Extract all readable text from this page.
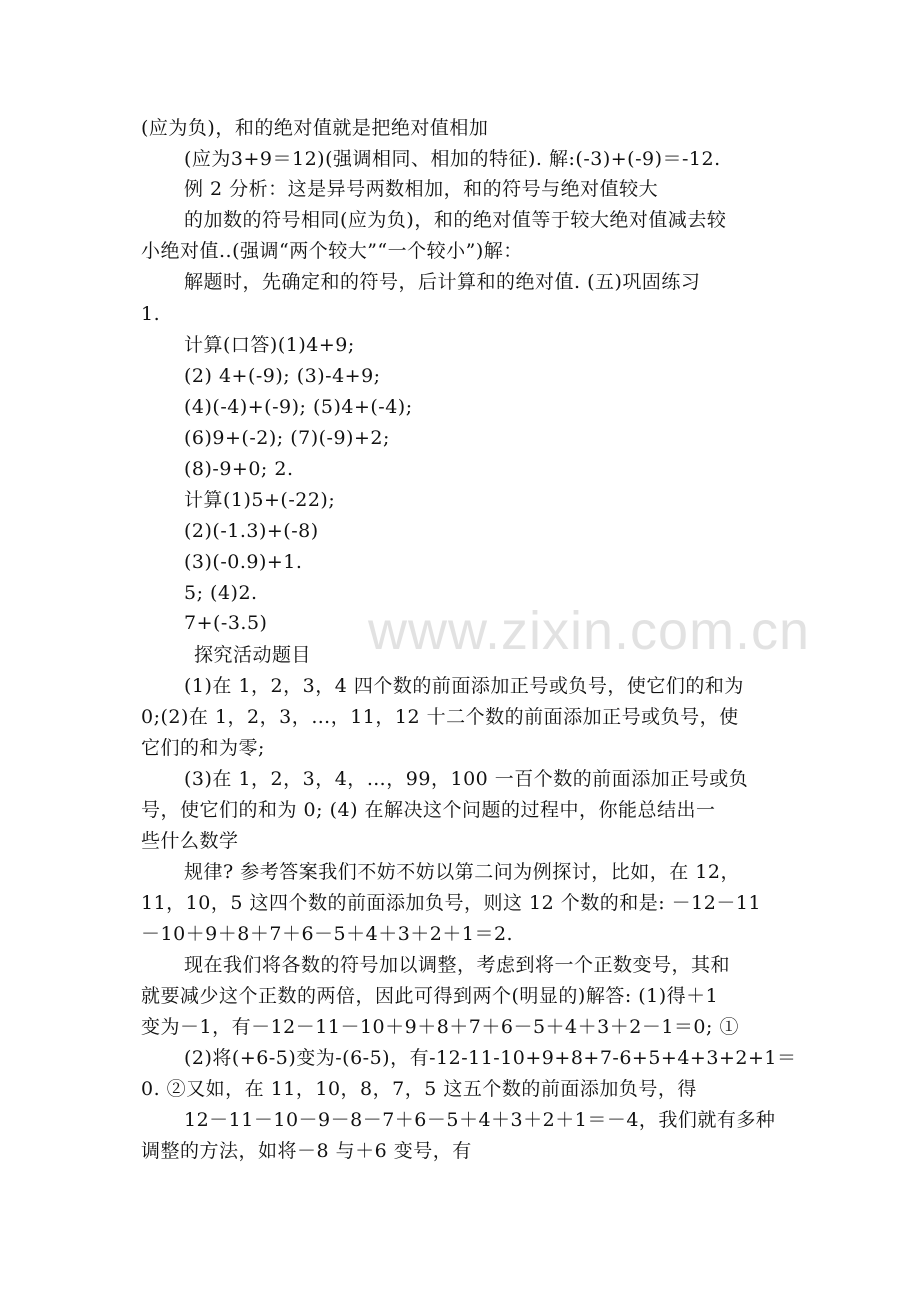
(应为负)，和的绝对值就是把绝对值相加
(应为3+9＝12)(强调相同、相加的特征). 解:(-3)+(-9)＝-12.
例 2 分析：这是异号两数相加，和的符号与绝对值较大
的加数的符号相同(应为负)，和的绝对值等于较大绝对值减去较
小绝对值..(强调“两个较大”“一个较小”)解：
解题时，先确定和的符号，后计算和的绝对值. (五)巩固练习
1.
计算(口答)(1)4+9;
(2) 4+(-9); (3)-4+9;
(4)(-4)+(-9); (5)4+(-4);
(6)9+(-2); (7)(-9)+2;
(8)-9+0; 2.
计算(1)5+(-22);
(2)(-1.3)+(-8)
(3)(-0.9)+1.
5; (4)2.
7+(-3.5)
探究活动题目
(1)在 1，2，3，4 四个数的前面添加正号或负号，使它们的和为
0;(2)在 1，2，3，…，11，12 十二个数的前面添加正号或负号，使
它们的和为零;
(3)在 1，2，3，4，…，99，100 一百个数的前面添加正号或负
号，使它们的和为 0; (4) 在解决这个问题的过程中，你能总结出一
些什么数学
规律? 参考答案我们不妨不妨以第二问为例探讨，比如，在 12，
11，10，5 这四个数的前面添加负号，则这 12 个数的和是: －12－11
－10＋9＋8＋7＋6－5＋4＋3＋2＋1＝2.
现在我们将各数的符号加以调整，考虑到将一个正数变号，其和
就要减少这个正数的两倍，因此可得到两个(明显的)解答: (1)得＋1
变为－1，有－12－11－10＋9＋8＋7＋6－5＋4＋3＋2－1＝0; ①
(2)将(+6-5)变为-(6-5)，有-12-11-10+9+8+7-6+5+4+3+2+1＝
0. ②又如，在 11，10，8，7，5 这五个数的前面添加负号，得
12－11－10－9－8－7＋6－5＋4＋3＋2＋1＝－4，我们就有多种
调整的方法，如将－8 与＋6 变号，有
www.zixin.com.cn
